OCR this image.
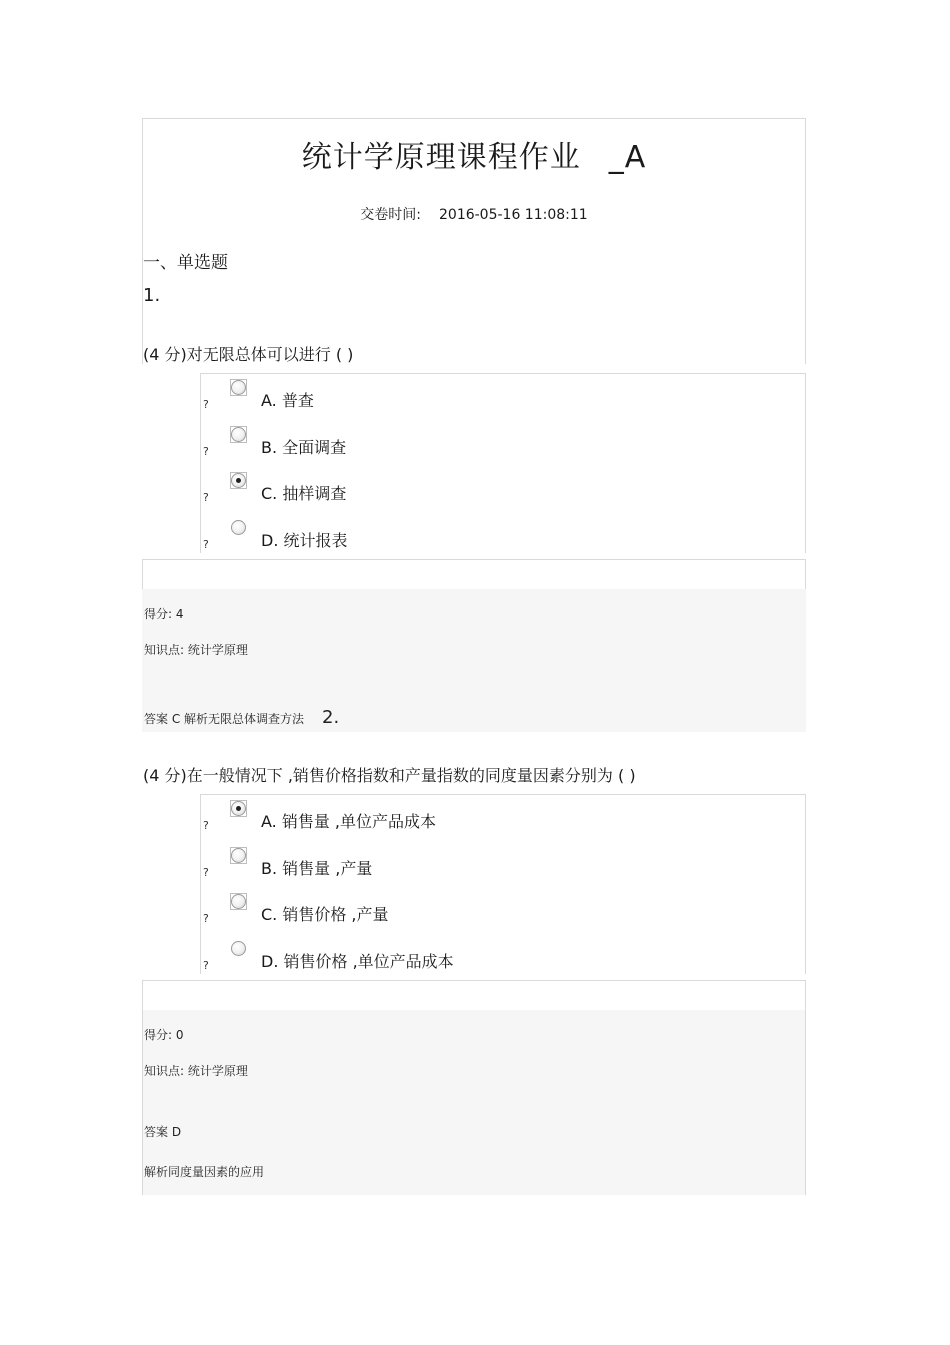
统计学原理课程作业 _A
交卷时间: 2016-05-16 11:08:11
一、单选题
1.
(4 分)对无限总体可以进行 ( )
?	A. 普查
?	B. 全面调查
?	C. 抽样调查
?	D. 统计报表
得分: 4
知识点: 统计学原理
答案 C 解析无限总体调查方法 2.
(4 分)在一般情况下 ,销售价格指数和产量指数的同度量因素分别为 ( )
?	A. 销售量 ,单位产品成本
?	B. 销售量 ,产量
?	C. 销售价格 ,产量
?	D. 销售价格 ,单位产品成本
得分: 0
知识点: 统计学原理
答案 D
解析同度量因素的应用
